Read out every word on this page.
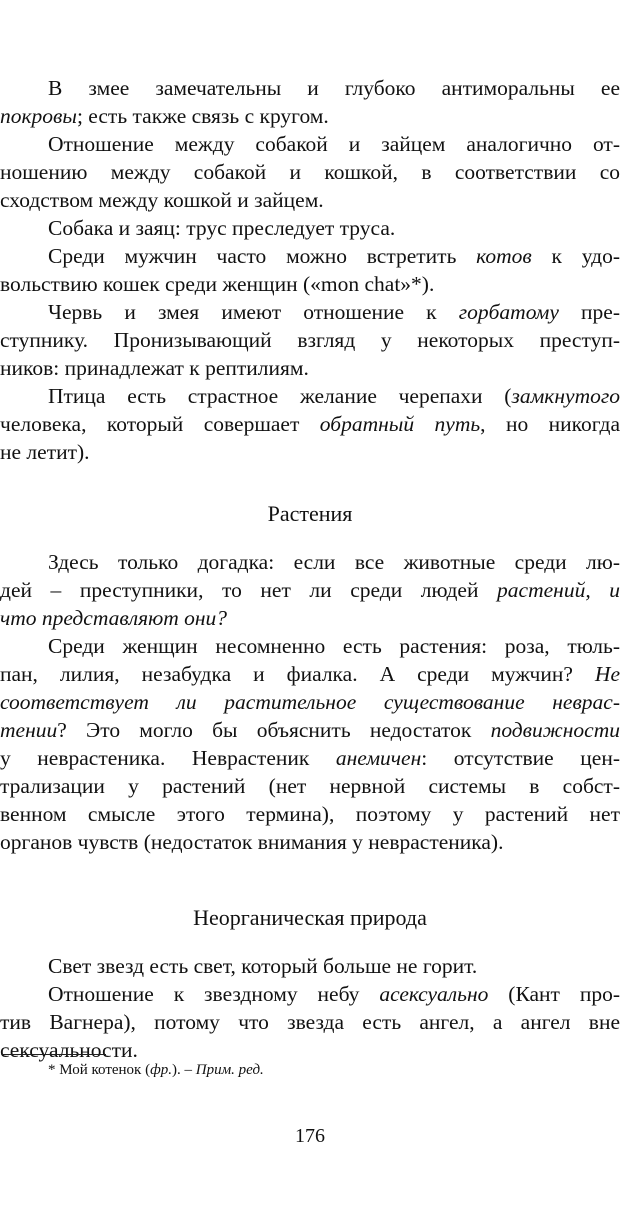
В змее замечательны и глубоко антиморальны ее
покровы; есть также связь с кругом.
Отношение между собакой и зайцем аналогично от-
ношению между собакой и кошкой, в соответствии со
сходством между кошкой и зайцем.
Собака и заяц: трус преследует труса.
Среди мужчин часто можно встретить котов к удо-
вольствию кошек среди женщин («mon chat»*).
Червь и змея имеют отношение к горбатому пре-
ступнику. Пронизывающий взгляд у некоторых преступ-
ников: принадлежат к рептилиям.
Птица есть страстное желание черепахи (замкнутого
человека, который совершает обратный путь, но никогда
не летит).
Здесь только догадка: если все животные среди лю-
дей – преступники, то нет ли среди людей растений, и
что представляют они?
Среди женщин несомненно есть растения: роза, тюль-
пан, лилия, незабудка и фиалка. А среди мужчин? Не
соответствует ли растительное существование неврас-
тении? Это могло бы объяснить недостаток подвижности
у неврастеника. Неврастеник анемичен: отсутствие цен-
трализации у растений (нет нервной системы в собст-
венном смысле этого термина), поэтому у растений нет
органов чувств (недостаток внимания у неврастеника).
Свет звезд есть свет, который больше не горит.
Отношение к звездному небу асексуально (Кант про-
тив Вагнера), потому что звезда есть ангел, а ангел вне
сексуальности.
Растения
Неорганическая природа
* Мой котенок (фр.). – Прим. ред.
176
